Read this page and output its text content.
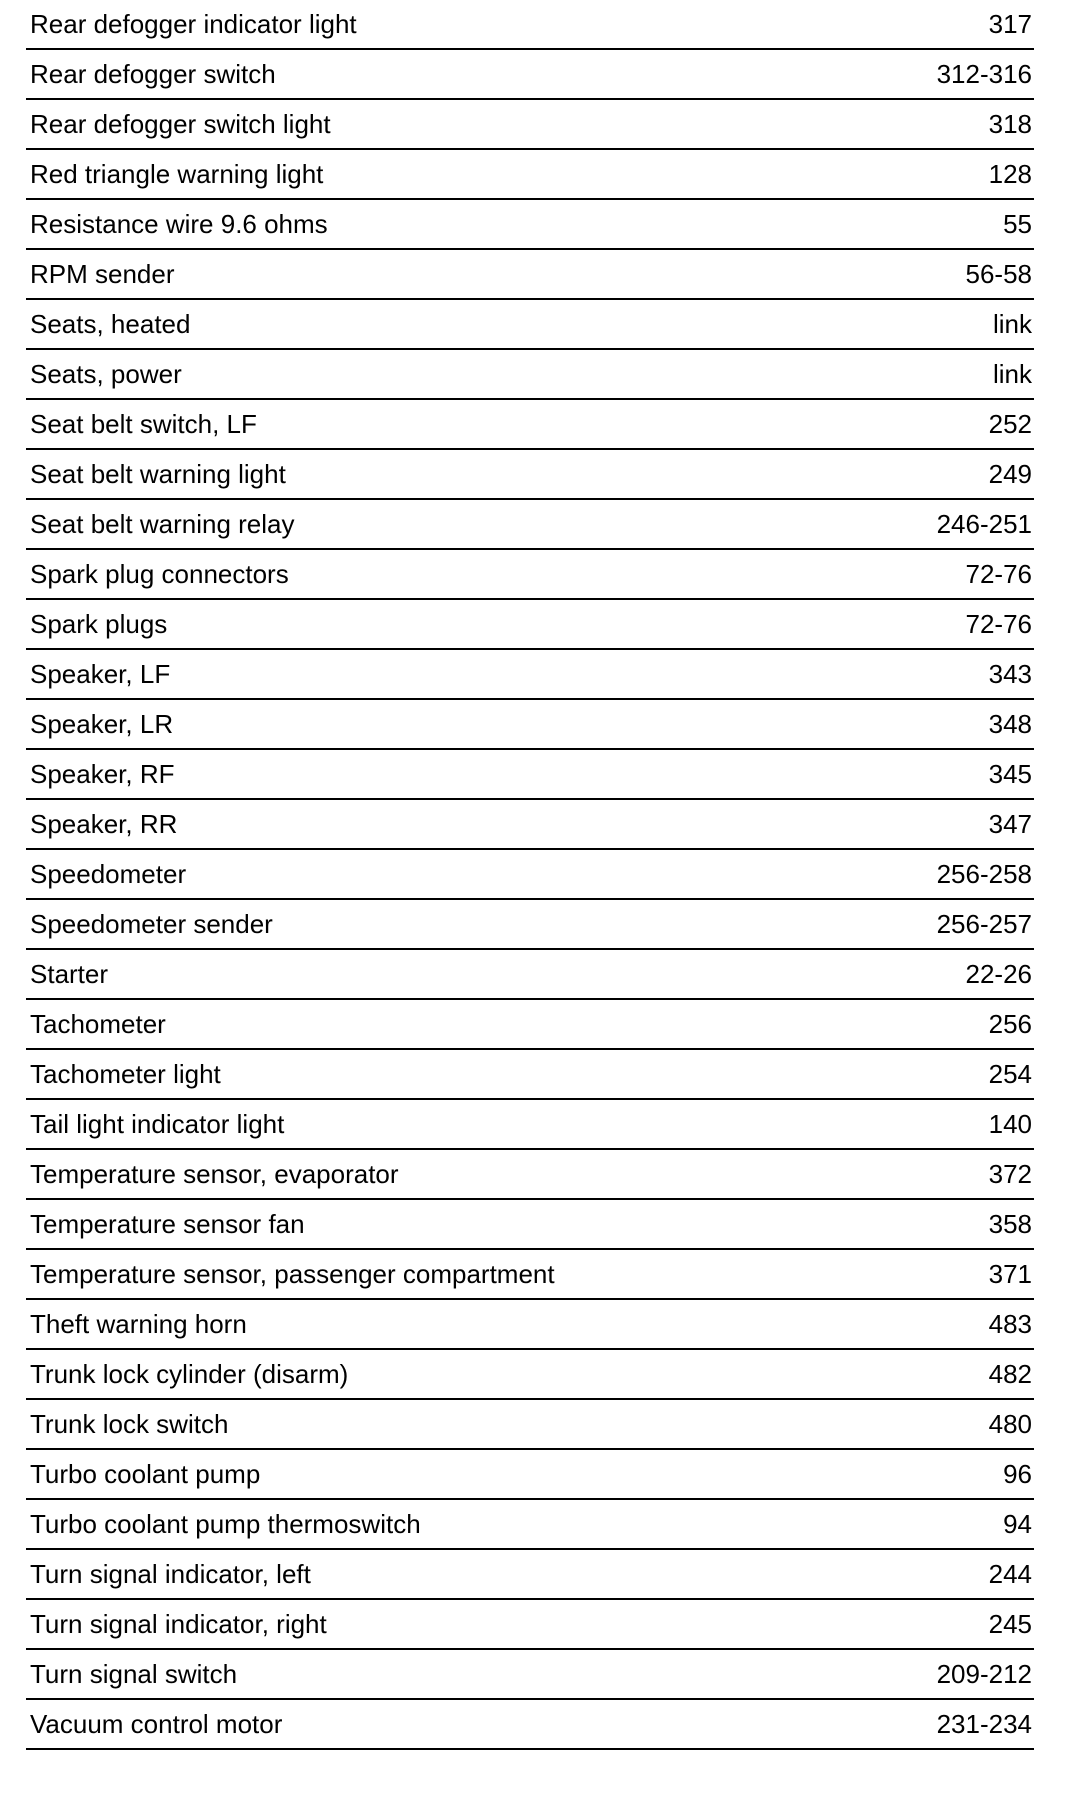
Rear defogger indicator light	317
Rear defogger switch	312-316
Rear defogger switch light	318
Red triangle warning light	128
Resistance wire 9.6 ohms	55
RPM sender	56-58
Seats, heated	link
Seats, power	link
Seat belt switch, LF	252
Seat belt warning light	249
Seat belt warning relay	246-251
Spark plug connectors	72-76
Spark plugs	72-76
Speaker, LF	343
Speaker, LR	348
Speaker, RF	345
Speaker, RR	347
Speedometer	256-258
Speedometer sender	256-257
Starter	22-26
Tachometer	256
Tachometer light	254
Tail light indicator light	140
Temperature sensor, evaporator	372
Temperature sensor fan	358
Temperature sensor, passenger compartment	371
Theft warning horn	483
Trunk lock cylinder (disarm)	482
Trunk lock switch	480
Turbo coolant pump	96
Turbo coolant pump thermoswitch	94
Turn signal indicator, left	244
Turn signal indicator, right	245
Turn signal switch	209-212
Vacuum control motor	231-234
